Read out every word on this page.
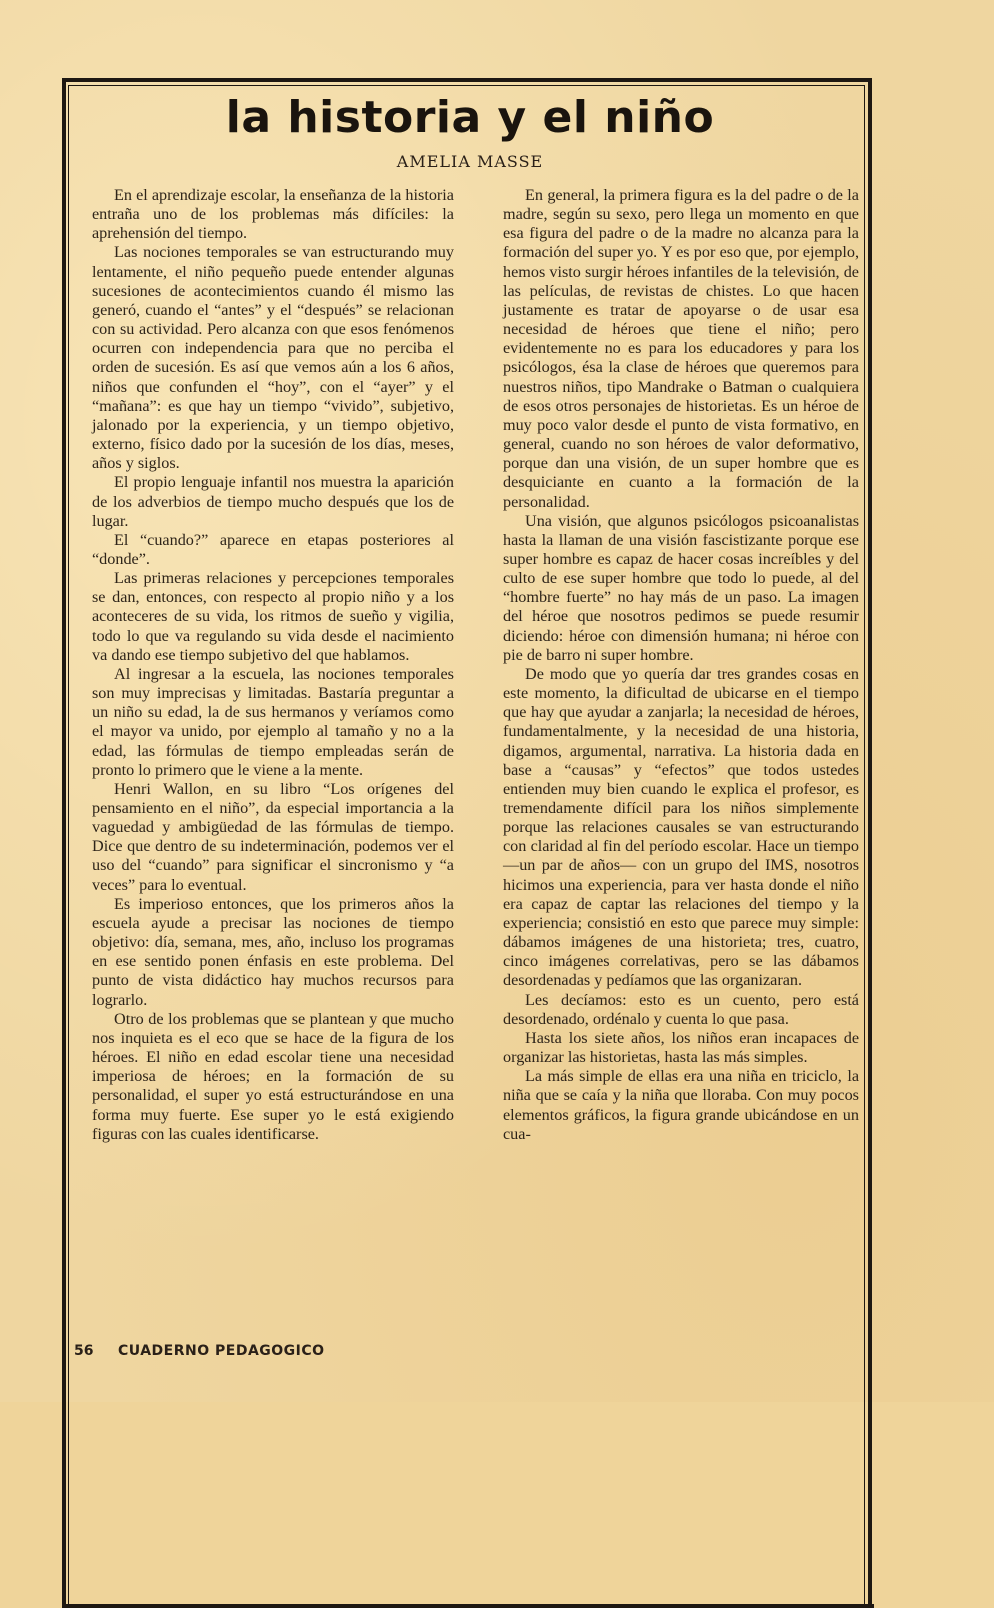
la historia y el niño
AMELIA MASSE

En el aprendizaje escolar, la enseñanza de la historia entraña uno de los problemas más difíciles: la aprehensión del tiempo.

Las nociones temporales se van estructurando muy lentamente, el niño pequeño puede entender algunas sucesiones de acontecimientos cuando él mismo las generó, cuando el “antes” y el “después” se relacionan con su actividad. Pero alcanza con que esos fenómenos ocurren con independencia para que no perciba el orden de sucesión. Es así que vemos aún a los 6 años, niños que confunden el “hoy”, con el “ayer” y el “mañana”: es que hay un tiempo “vivido”, subjetivo, jalonado por la experiencia, y un tiempo objetivo, externo, físico dado por la sucesión de los días, meses, años y siglos.

El propio lenguaje infantil nos muestra la aparición de los adverbios de tiempo mucho después que los de lugar.

El “cuando?” aparece en etapas posteriores al “donde”.

Las primeras relaciones y percepciones temporales se dan, entonces, con respecto al propio niño y a los aconteceres de su vida, los ritmos de sueño y vigilia, todo lo que va regulando su vida desde el nacimiento va dando ese tiempo subjetivo del que hablamos.

Al ingresar a la escuela, las nociones temporales son muy imprecisas y limitadas. Bastaría preguntar a un niño su edad, la de sus hermanos y veríamos como el mayor va unido, por ejemplo al tamaño y no a la edad, las fórmulas de tiempo empleadas serán de pronto lo primero que le viene a la mente.

Henri Wallon, en su libro “Los orígenes del pensamiento en el niño”, da especial importancia a la vaguedad y ambigüedad de las fórmulas de tiempo. Dice que dentro de su indeterminación, podemos ver el uso del “cuando” para significar el sincronismo y “a veces” para lo eventual.

Es imperioso entonces, que los primeros años la escuela ayude a precisar las nociones de tiempo objetivo: día, semana, mes, año, incluso los programas en ese sentido ponen énfasis en este problema. Del punto de vista didáctico hay muchos recursos para lograrlo.

Otro de los problemas que se plantean y que mucho nos inquieta es el eco que se hace de la figura de los héroes. El niño en edad escolar tiene una necesidad imperiosa de héroes; en la formación de su personalidad, el super yo está estructurándose en una forma muy fuerte. Ese super yo le está exigiendo figuras con las cuales identificarse.

En general, la primera figura es la del padre o de la madre, según su sexo, pero llega un momento en que esa figura del padre o de la madre no alcanza para la formación del super yo. Y es por eso que, por ejemplo, hemos visto surgir héroes infantiles de la televisión, de las películas, de revistas de chistes. Lo que hacen justamente es tratar de apoyarse o de usar esa necesidad de héroes que tiene el niño; pero evidentemente no es para los educadores y para los psicólogos, ésa la clase de héroes que queremos para nuestros niños, tipo Mandrake o Batman o cualquiera de esos otros personajes de historietas. Es un héroe de muy poco valor desde el punto de vista formativo, en general, cuando no son héroes de valor deformativo, porque dan una visión, de un super hombre que es desquiciante en cuanto a la formación de la personalidad.

Una visión, que algunos psicólogos psicoanalistas hasta la llaman de una visión fascistizante porque ese super hombre es capaz de hacer cosas increíbles y del culto de ese super hombre que todo lo puede, al del “hombre fuerte” no hay más de un paso. La imagen del héroe que nosotros pedimos se puede resumir diciendo: héroe con dimensión humana; ni héroe con pie de barro ni super hombre.

De modo que yo quería dar tres grandes cosas en este momento, la dificultad de ubicarse en el tiempo que hay que ayudar a zanjarla; la necesidad de héroes, fundamentalmente, y la necesidad de una historia, digamos, argumental, narrativa. La historia dada en base a “causas” y “efectos” que todos ustedes entienden muy bien cuando le explica el profesor, es tremendamente difícil para los niños simplemente porque las relaciones causales se van estructurando con claridad al fin del período escolar. Hace un tiempo —un par de años— con un grupo del IMS, nosotros hicimos una experiencia, para ver hasta donde el niño era capaz de captar las relaciones del tiempo y la experiencia; consistió en esto que parece muy simple: dábamos imágenes de una historieta; tres, cuatro, cinco imágenes correlativas, pero se las dábamos desordenadas y pedíamos que las organizaran.

Les decíamos: esto es un cuento, pero está desordenado, ordénalo y cuenta lo que pasa.

Hasta los siete años, los niños eran incapaces de organizar las historietas, hasta las más simples.

La más simple de ellas era una niña en triciclo, la niña que se caía y la niña que lloraba. Con muy pocos elementos gráficos, la figura grande ubicándose en un cua-

56 CUADERNO PEDAGOGICO
